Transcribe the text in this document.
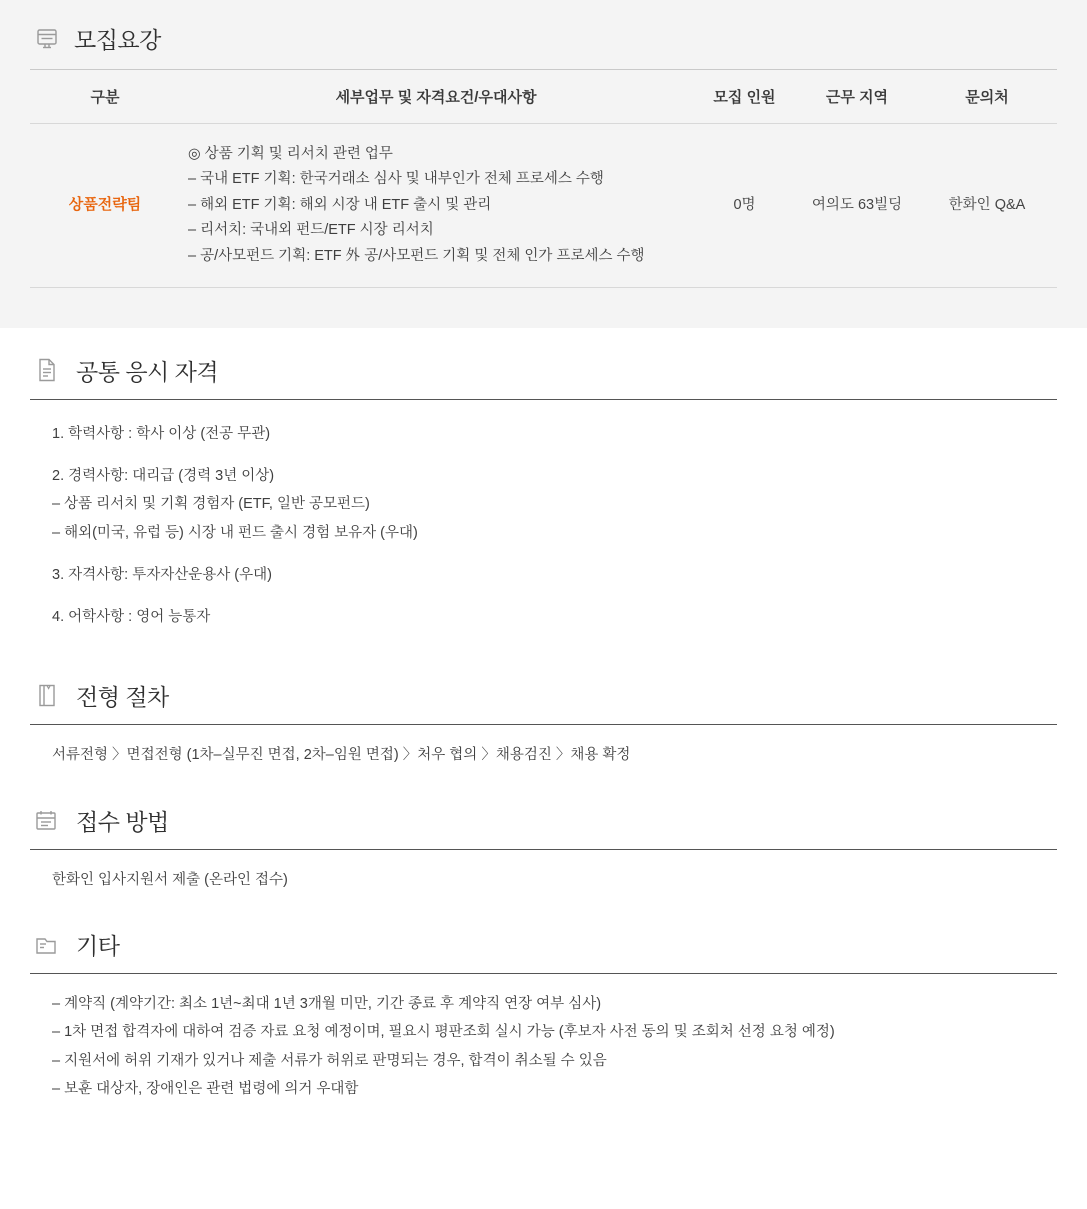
모집요강
구분	세부업무 및 자격요건/우대사항	모집 인원	근무 지역	문의처
상품전략팀	◎ 상품 기획 및 리서치 관련 업무
– 국내 ETF 기획: 한국거래소 심사 및 내부인가 전체 프로세스 수행
– 해외 ETF 기획: 해외 시장 내 ETF 출시 및 관리
– 리서치: 국내외 펀드/ETF 시장 리서치
– 공/사모펀드 기획: ETF 外 공/사모펀드 기획 및 전체 인가 프로세스 수행	0명	여의도 63빌딩	한화인 Q&A
공통 응시 자격

1. 학력사항 : 학사 이상 (전공 무관)

2. 경력사항: 대리급 (경력 3년 이상)

– 상품 리서치 및 기획 경험자 (ETF, 일반 공모펀드)

– 해외(미국, 유럽 등) 시장 내 펀드 출시 경험 보유자 (우대)

3. 자격사항: 투자자산운용사 (우대)

4. 어학사항 : 영어 능통자

전형 절차

서류전형 〉면접전형 (1차–실무진 면접, 2차–임원 면접) 〉처우 협의 〉채용검진 〉채용 확정

접수 방법

한화인 입사지원서 제출 (온라인 접수)

기타

– 계약직 (계약기간: 최소 1년~최대 1년 3개월 미만, 기간 종료 후 계약직 연장 여부 심사)

– 1차 면접 합격자에 대하여 검증 자료 요청 예정이며, 필요시 평판조회 실시 가능 (후보자 사전 동의 및 조회처 선정 요청 예정)

– 지원서에 허위 기재가 있거나 제출 서류가 허위로 판명되는 경우, 합격이 취소될 수 있음

– 보훈 대상자, 장애인은 관련 법령에 의거 우대함
